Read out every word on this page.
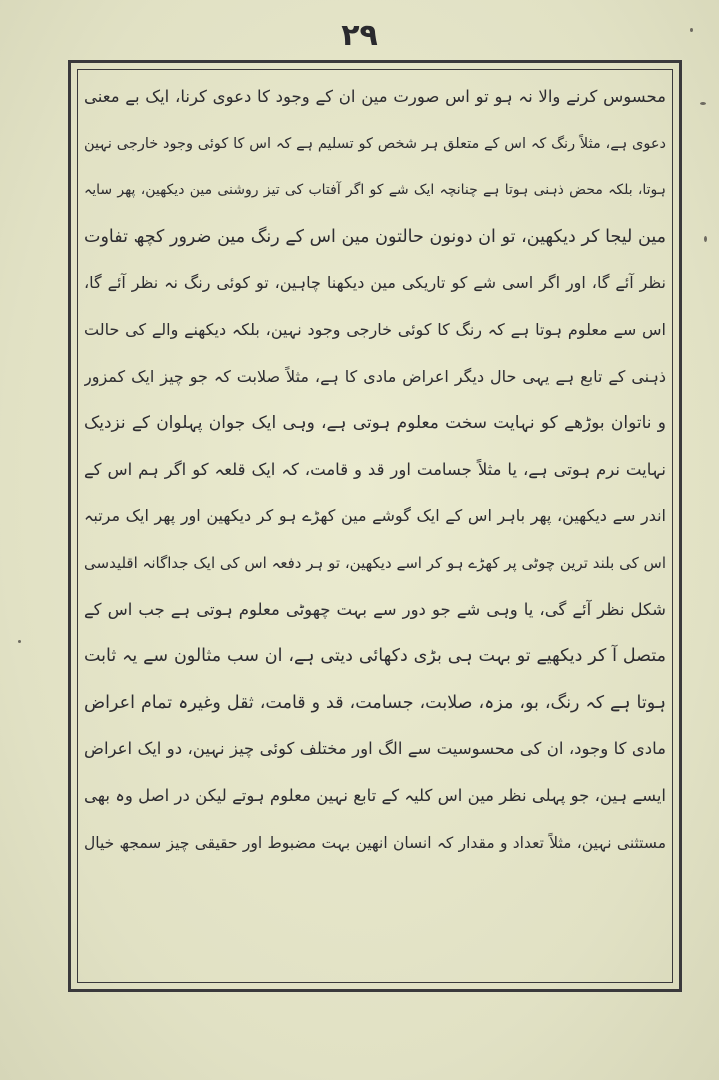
۲۹
محسوس کرنے والا نہ ہو تو اس صورت مین ان کے وجود کا دعوی کرنا، ایک بے معنی
دعوی ہے، مثلاً رنگ کہ اس کے متعلق ہر شخص کو تسلیم ہے کہ اس کا کوئی وجود خارجی نہین
ہوتا، بلکہ محض ذہنی ہوتا ہے چنانچہ ایک شے کو اگر آفتاب کی تیز روشنی مین دیکھین، پھر سایہ
مین لیجا کر دیکھین، تو ان دونون حالتون مین اس کے رنگ مین ضرور کچھ تفاوت
نظر آئے گا، اور اگر اسی شے کو تاریکی مین دیکھنا چاہین، تو کوئی رنگ نہ نظر آئے گا،
اس سے معلوم ہوتا ہے کہ رنگ کا کوئی خارجی وجود نہین، بلکہ دیکھنے والے کی حالت
ذہنی کے تابع ہے یہی حال دیگر اعراض مادی کا ہے، مثلاً صلابت کہ جو چیز ایک کمزور
و ناتوان بوڑھے کو نہایت سخت معلوم ہوتی ہے، وہی ایک جوان پہلوان کے نزدیک
نہایت نرم ہوتی ہے، یا مثلاً جسامت اور قد و قامت، کہ ایک قلعہ کو اگر ہم اس کے
اندر سے دیکھین، پھر باہر اس کے ایک گوشے مین کھڑے ہو کر دیکھین اور پھر ایک مرتبہ
اس کی بلند ترین چوٹی پر کھڑے ہو کر اسے دیکھین، تو ہر دفعہ اس کی ایک جداگانہ اقلیدسی
شکل نظر آئے گی، یا وہی شے جو دور سے بہت چھوٹی معلوم ہوتی ہے جب اس کے
متصل آ کر دیکھیے تو بہت ہی بڑی دکھائی دیتی ہے، ان سب مثالون سے یہ ثابت
ہوتا ہے کہ رنگ، بو، مزہ، صلابت، جسامت، قد و قامت، ثقل وغیرہ تمام اعراض
مادی کا وجود، ان کی محسوسیت سے الگ اور مختلف کوئی چیز نہین، دو ایک اعراض
ایسے ہین، جو پہلی نظر مین اس کلیہ کے تابع نہین معلوم ہوتے لیکن در اصل وہ بھی
مستثنی نہین، مثلاً تعداد و مقدار کہ انسان انھین بہت مضبوط اور حقیقی چیز سمجھ خیال
